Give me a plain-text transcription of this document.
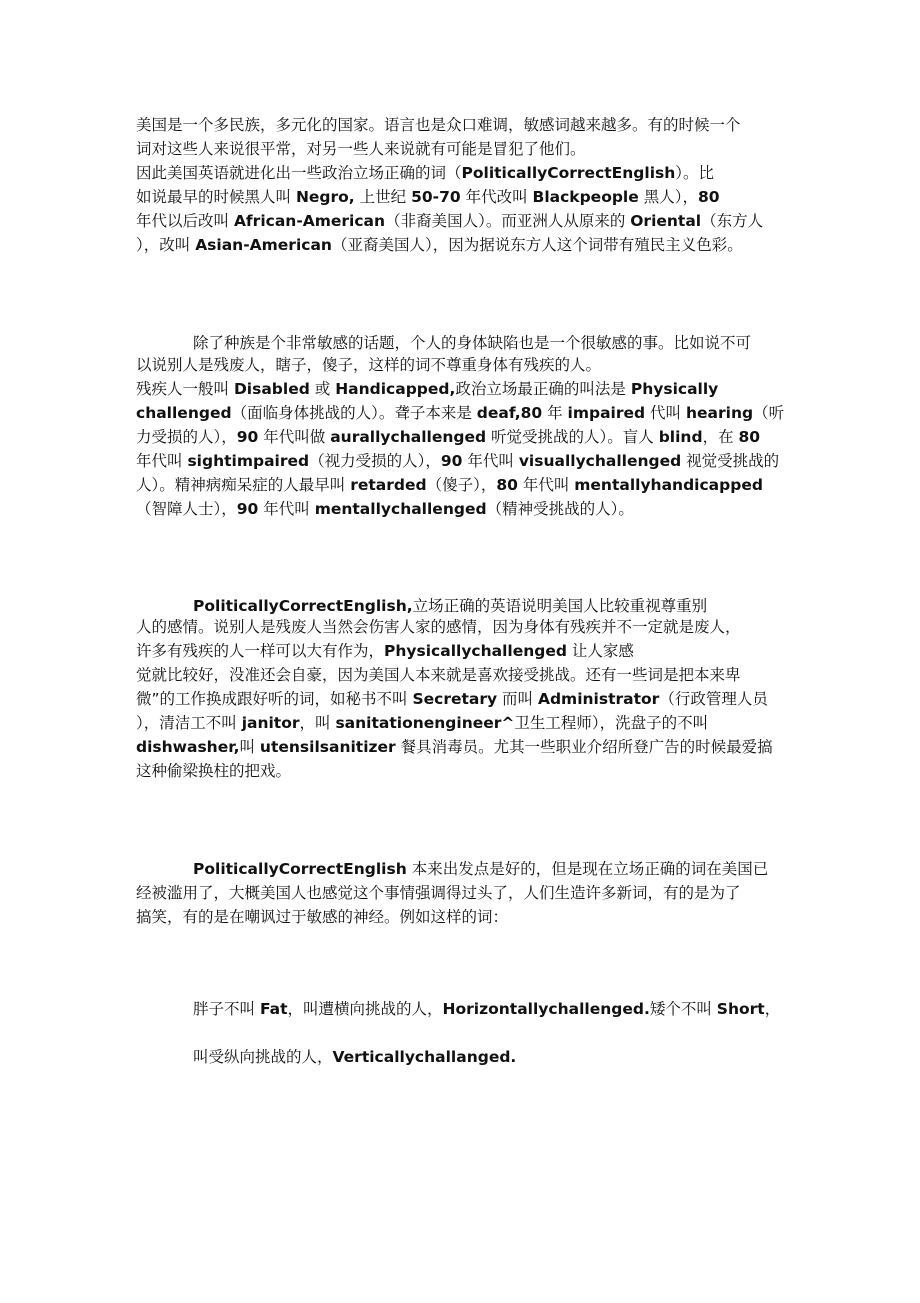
美国是一个多民族，多元化的国家。语言也是众口难调，敏感词越来越多。有的时候一个
词对这些人来说很平常，对另一些人来说就有可能是冒犯了他们。
因此美国英语就进化出一些政治立场正确的词（PoliticallyCorrectEnglish）。比
如说最早的时候黑人叫 Negro, 上世纪 50-70 年代改叫 Blackpeople 黑人），80
年代以后改叫 African-American（非裔美国人）。而亚洲人从原来的 Oriental（东方人
），改叫 Asian-American（亚裔美国人），因为据说东方人这个词带有殖民主义色彩。
除了种族是个非常敏感的话题，个人的身体缺陷也是一个很敏感的事。比如说不可
以说别人是残废人，瞎子，傻子，这样的词不尊重身体有残疾的人。
残疾人一般叫 Disabled 或 Handicapped,政治立场最正确的叫法是 Physically
challenged（面临身体挑战的人）。聋子本来是 deaf,80 年 impaired 代叫 hearing（听
力受损的人），90 年代叫做 aurallychallenged 听觉受挑战的人）。盲人 blind，在 80
年代叫 sightimpaired（视力受损的人），90 年代叫 visuallychallenged 视觉受挑战的
人）。精神病痴呆症的人最早叫 retarded（傻子），80 年代叫 mentallyhandicapped
（智障人士），90 年代叫 mentallychallenged（精神受挑战的人）。
PoliticallyCorrectEnglish,立场正确的英语说明美国人比较重视尊重别
人的感情。说别人是残废人当然会伤害人家的感情，因为身体有残疾并不一定就是废人，
许多有残疾的人一样可以大有作为，Physicallychallenged 让人家感
觉就比较好，没准还会自豪，因为美国人本来就是喜欢接受挑战。还有一些词是把本来卑
微”的工作换成跟好听的词，如秘书不叫 Secretary 而叫 Administrator（行政管理人员
），清洁工不叫 janitor，叫 sanitationengineer^卫生工程师），洗盘子的不叫
dishwasher,叫 utensilsanitizer 餐具消毒员。尤其一些职业介绍所登广告的时候最爱搞
这种偷梁换柱的把戏。
PoliticallyCorrectEnglish 本来出发点是好的，但是现在立场正确的词在美国已
经被滥用了，大概美国人也感觉这个事情强调得过头了，人们生造许多新词，有的是为了
搞笑，有的是在嘲讽过于敏感的神经。例如这样的词：
胖子不叫 Fat，叫遭横向挑战的人，Horizontallychallenged.矮个不叫 Short，
叫受纵向挑战的人，Verticallychallanged.
